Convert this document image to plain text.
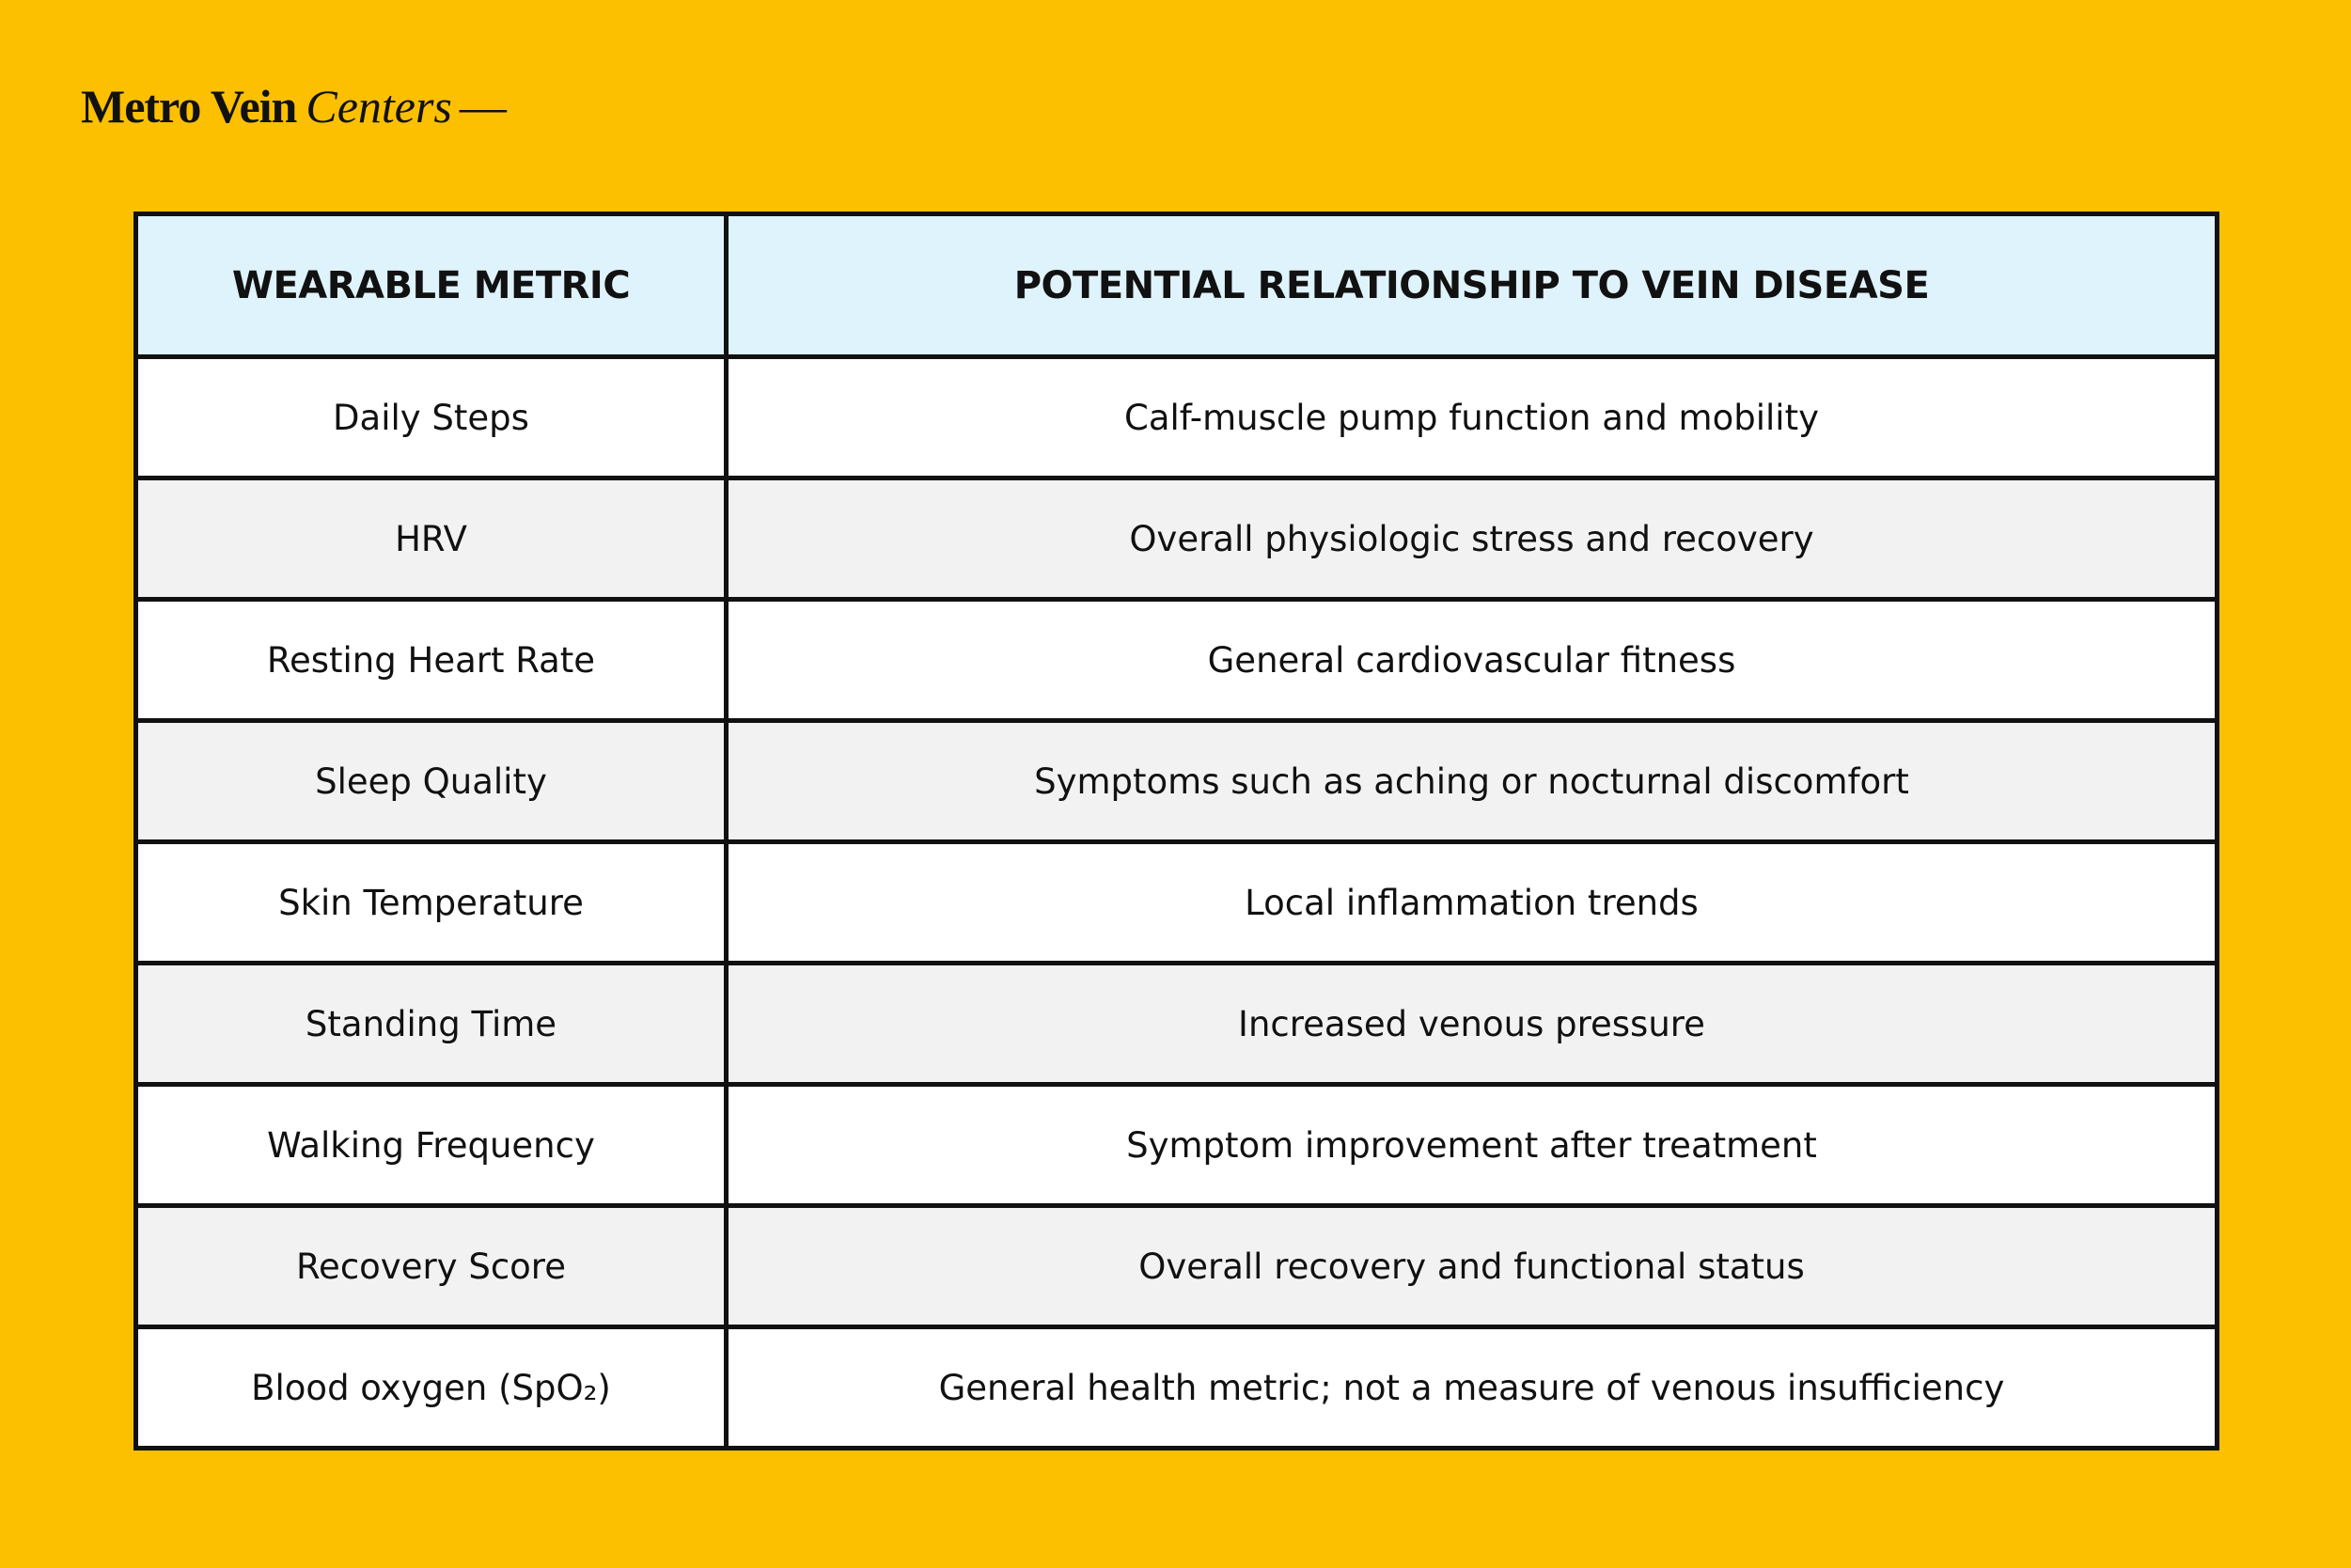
Metro Vein Centers —
WEARABLE METRIC	POTENTIAL RELATIONSHIP TO VEIN DISEASE
Daily Steps	Calf-muscle pump function and mobility
HRV	Overall physiologic stress and recovery
Resting Heart Rate	General cardiovascular fitness
Sleep Quality	Symptoms such as aching or nocturnal discomfort
Skin Temperature	Local inflammation trends
Standing Time	Increased venous pressure
Walking Frequency	Symptom improvement after treatment
Recovery Score	Overall recovery and functional status
Blood oxygen (SpO₂)	General health metric; not a measure of venous insufficiency
